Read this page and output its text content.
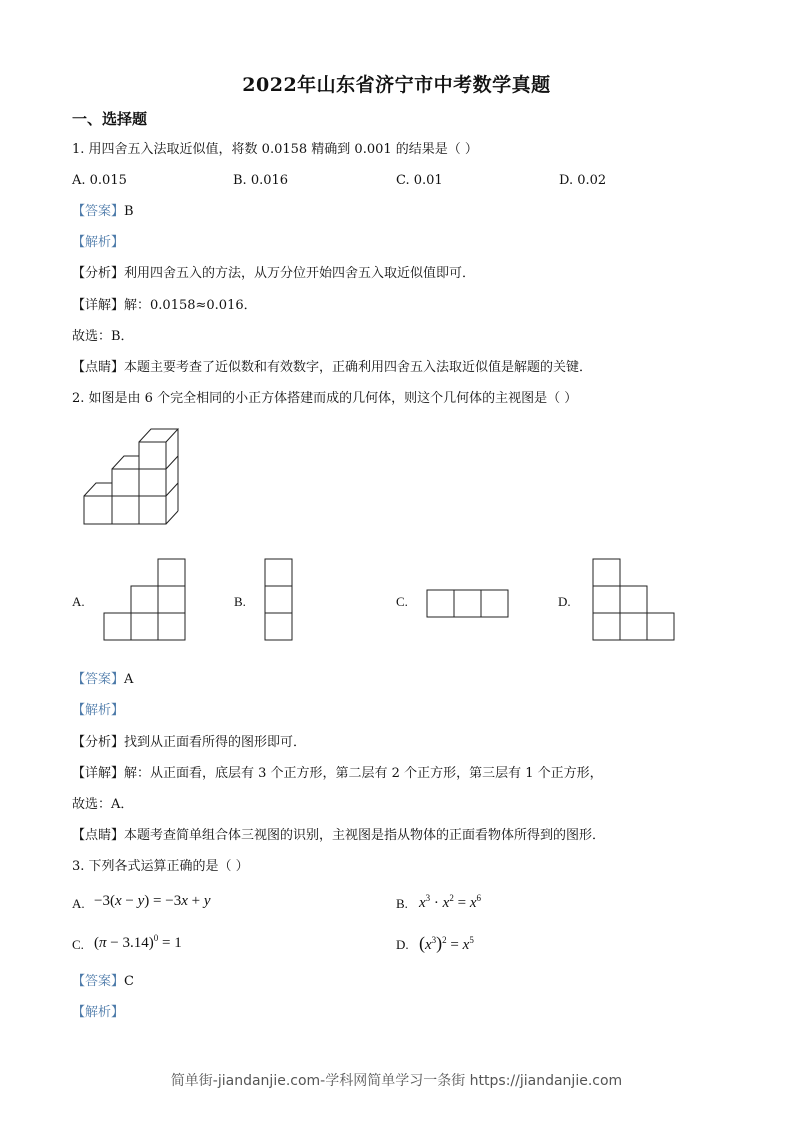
2022年山东省济宁市中考数学真题
一、选择题
1. 用四舍五入法取近似值，将数 0.0158 精确到 0.001 的结果是（ ）
A. 0.015	B. 0.016	C. 0.01	D. 0.02
【答案】B
【解析】
【分析】利用四舍五入的方法，从万分位开始四舍五入取近似值即可．
【详解】解：0.0158≈0.016．
故选：B．
【点睛】本题主要考查了近似数和有效数字，正确利用四舍五入法取近似值是解题的关键．
2. 如图是由 6 个完全相同的小正方体搭建而成的几何体，则这个几何体的主视图是（ ）
A.	B.	C.	D.
【答案】A
【解析】
【分析】找到从正面看所得的图形即可．
【详解】解：从正面看，底层有 3 个正方形，第二层有 2 个正方形，第三层有 1 个正方形，
故选：A．
【点睛】本题考查简单组合体三视图的识别，主视图是指从物体的正面看物体所得到的图形．
3. 下列各式运算正确的是（ ）
A. −3(x − y) = −3x + y	B. $x^3 \cdot x^2 = x^6$
C. $(\pi - 3.14)^0 = 1$	D. $(x^3)^2 = x^5$
【答案】C
【解析】
简单街-jiandanjie.com-学科网简单学习一条街 https://jiandanjie.com
